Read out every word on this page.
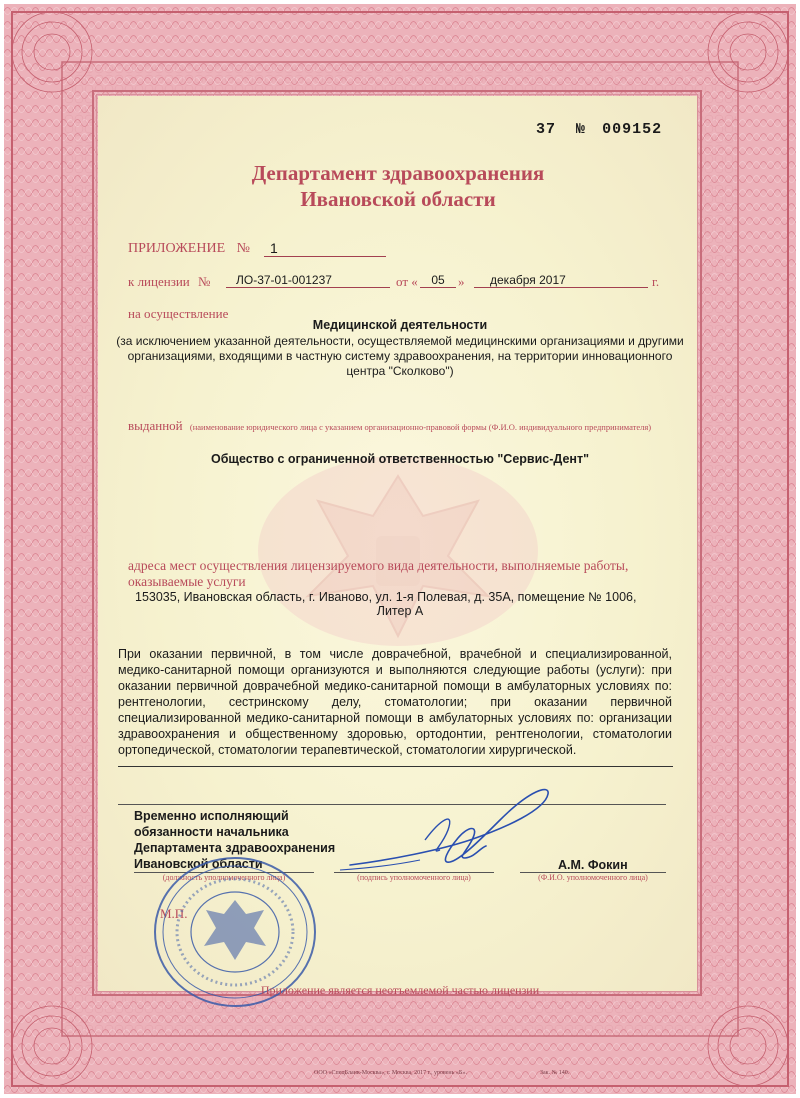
37 № 009152
Департамент здравоохранения
Ивановской области
ПРИЛОЖЕНИЕ №	1
к лицензии №	ЛО-37-01-001237	от «	05	»	декабря 2017	г.
на осуществление
Медицинской деятельности
(за исключением указанной деятельности, осуществляемой медицинскими организациями и другими организациями, входящими в частную систему здравоохранения, на территории инновационного центра "Сколково")
выданной (наименование юридического лица с указанием организационно-правовой формы (Ф.И.О. индивидуального предпринимателя)
Общество с ограниченной ответственностью "Сервис-Дент"
адреса мест осуществления лицензируемого вида деятельности, выполняемые работы, оказываемые услуги
153035, Ивановская область, г. Иваново, ул. 1-я Полевая, д. 35А, помещение № 1006,
Литер А
При оказании первичной, в том числе доврачебной, врачебной и специализированной, медико-санитарной помощи организуются и выполняются следующие работы (услуги): при оказании первичной доврачебной медико-санитарной помощи в амбулаторных условиях по: рентгенологии, сестринскому делу, стоматологии; при оказании первичной специализированной медико-санитарной помощи в амбулаторных условиях по: организации здравоохранения и общественному здоровью, ортодонтии, рентгенологии, стоматологии ортопедической, стоматологии терапевтической, стоматологии хирургической.
Временно исполняющий
обязанности начальника
Департамента здравоохранения
Ивановской области
(должность уполномоченного лица)	(подпись уполномоченного лица)
А.М. Фокин
(Ф.И.О. уполномоченного лица)
М.П.
Приложение является неотъемлемой частью лицензии
ООО «СпецБланк-Москва», г. Москва, 2017 г., уровень «Б».	Зак. № 140.
